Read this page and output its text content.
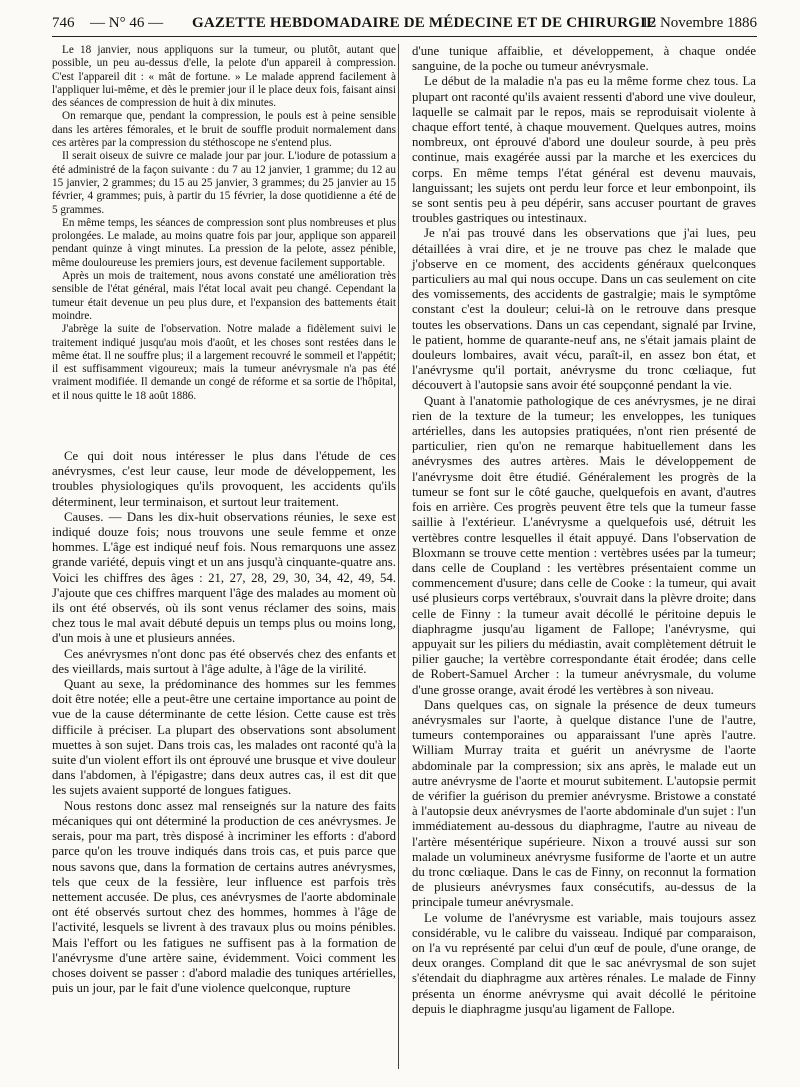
746 — N° 46 — GAZETTE HEBDOMADAIRE DE MÉDECINE ET DE CHIRURGIE
12 Novembre 1886

Le 18 janvier, nous appliquons sur la tumeur, ou plutôt, autant que possible, un peu au-dessus d'elle, la pelote d'un appareil à compression. C'est l'appareil dit : « mât de fortune. » Le malade apprend facilement à l'appliquer lui-même, et dès le premier jour il le place deux fois, faisant ainsi des séances de compression de huit à dix minutes.

On remarque que, pendant la compression, le pouls est à peine sensible dans les artères fémorales, et le bruit de souffle produit normalement dans ces artères par la compression du stéthoscope ne s'entend plus.

Il serait oiseux de suivre ce malade jour par jour. L'iodure de potassium a été administré de la façon suivante : du 7 au 12 janvier, 1 gramme; du 12 au 15 janvier, 2 grammes; du 15 au 25 janvier, 3 grammes; du 25 janvier au 15 février, 4 grammes; puis, à partir du 15 février, la dose quotidienne a été de 5 grammes.

En même temps, les séances de compression sont plus nombreuses et plus prolongées. Le malade, au moins quatre fois par jour, applique son appareil pendant quinze à vingt minutes. La pression de la pelote, assez pénible, même douloureuse les premiers jours, est devenue facilement supportable.

Après un mois de traitement, nous avons constaté une amélioration très sensible de l'état général, mais l'état local avait peu changé. Cependant la tumeur était devenue un peu plus dure, et l'expansion des battements était moindre.

J'abrège la suite de l'observation. Notre malade a fidèlement suivi le traitement indiqué jusqu'au mois d'août, et les choses sont restées dans le même état. Il ne souffre plus; il a largement recouvré le sommeil et l'appétit; il est suffisamment vigoureux; mais la tumeur anévrysmale n'a pas été vraiment modifiée. Il demande un congé de réforme et sa sortie de l'hôpital, et il nous quitte le 18 août 1886.

Ce qui doit nous intéresser le plus dans l'étude de ces anévrysmes, c'est leur cause, leur mode de développement, les troubles physiologiques qu'ils provoquent, les accidents qu'ils déterminent, leur terminaison, et surtout leur traitement.

Causes. — Dans les dix-huit observations réunies, le sexe est indiqué douze fois; nous trouvons une seule femme et onze hommes. L'âge est indiqué neuf fois. Nous remarquons une assez grande variété, depuis vingt et un ans jusqu'à cinquante-quatre ans. Voici les chiffres des âges : 21, 27, 28, 29, 30, 34, 42, 49, 54. J'ajoute que ces chiffres marquent l'âge des malades au moment où ils ont été observés, où ils sont venus réclamer des soins, mais chez tous le mal avait débuté depuis un temps plus ou moins long, d'un mois à une et plusieurs années.

Ces anévrysmes n'ont donc pas été observés chez des enfants et des vieillards, mais surtout à l'âge adulte, à l'âge de la virilité.

Quant au sexe, la prédominance des hommes sur les femmes doit être notée; elle a peut-être une certaine importance au point de vue de la cause déterminante de cette lésion. Cette cause est très difficile à préciser. La plupart des observations sont absolument muettes à son sujet. Dans trois cas, les malades ont raconté qu'à la suite d'un violent effort ils ont éprouvé une brusque et vive douleur dans l'abdomen, à l'épigastre; dans deux autres cas, il est dit que les sujets avaient supporté de longues fatigues.

Nous restons donc assez mal renseignés sur la nature des faits mécaniques qui ont déterminé la production de ces anévrysmes. Je serais, pour ma part, très disposé à incriminer les efforts : d'abord parce qu'on les trouve indiqués dans trois cas, et puis parce que nous savons que, dans la formation de certains autres anévrysmes, tels que ceux de la fessière, leur influence est parfois très nettement accusée. De plus, ces anévrysmes de l'aorte abdominale ont été observés surtout chez des hommes, hommes à l'âge de l'activité, lesquels se livrent à des travaux plus ou moins pénibles. Mais l'effort ou les fatigues ne suffisent pas à la formation de l'anévrysme d'une artère saine, évidemment. Voici comment les choses doivent se passer : d'abord maladie des tuniques artérielles, puis un jour, par le fait d'une violence quelconque, rupture

d'une tunique affaiblie, et développement, à chaque ondée sanguine, de la poche ou tumeur anévrysmale.

Le début de la maladie n'a pas eu la même forme chez tous. La plupart ont raconté qu'ils avaient ressenti d'abord une vive douleur, laquelle se calmait par le repos, mais se reproduisait violente à chaque effort tenté, à chaque mouvement. Quelques autres, moins nombreux, ont éprouvé d'abord une douleur sourde, à peu près continue, mais exagérée aussi par la marche et les exercices du corps. En même temps l'état général est devenu mauvais, languissant; les sujets ont perdu leur force et leur embonpoint, ils se sont sentis peu à peu dépérir, sans accuser pourtant de graves troubles gastriques ou intestinaux.

Je n'ai pas trouvé dans les observations que j'ai lues, peu détaillées à vrai dire, et je ne trouve pas chez le malade que j'observe en ce moment, des accidents généraux quelconques particuliers au mal qui nous occupe. Dans un cas seulement on cite des vomissements, des accidents de gastralgie; mais le symptôme constant c'est la douleur; celui-là on le retrouve dans presque toutes les observations. Dans un cas cependant, signalé par Irvine, le patient, homme de quarante-neuf ans, ne s'était jamais plaint de douleurs lombaires, avait vécu, paraît-il, en assez bon état, et l'anévrysme qu'il portait, anévrysme du tronc cœliaque, fut découvert à l'autopsie sans avoir été soupçonné pendant la vie.

Quant à l'anatomie pathologique de ces anévrysmes, je ne dirai rien de la texture de la tumeur; les enveloppes, les tuniques artérielles, dans les autopsies pratiquées, n'ont rien présenté de particulier, rien qu'on ne remarque habituellement dans les anévrysmes des autres artères. Mais le développement de l'anévrysme doit être étudié. Généralement les progrès de la tumeur se font sur le côté gauche, quelquefois en avant, d'autres fois en arrière. Ces progrès peuvent être tels que la tumeur fasse saillie à l'extérieur. L'anévrysme a quelquefois usé, détruit les vertèbres contre lesquelles il était appuyé. Dans l'observation de Bloxmann se trouve cette mention : vertèbres usées par la tumeur; dans celle de Coupland : les vertèbres présentaient comme un commencement d'usure; dans celle de Cooke : la tumeur, qui avait usé plusieurs corps vertébraux, s'ouvrait dans la plèvre droite; dans celle de Finny : la tumeur avait décollé le péritoine depuis le diaphragme jusqu'au ligament de Fallope; l'anévrysme, qui appuyait sur les piliers du médiastin, avait complètement détruit le pilier gauche; la vertèbre correspondante était érodée; dans celle de Robert-Samuel Archer : la tumeur anévrysmale, du volume d'une grosse orange, avait érodé les vertèbres à son niveau.

Dans quelques cas, on signale la présence de deux tumeurs anévrysmales sur l'aorte, à quelque distance l'une de l'autre, tumeurs contemporaines ou apparaissant l'une après l'autre. William Murray traita et guérit un anévrysme de l'aorte abdominale par la compression; six ans après, le malade eut un autre anévrysme de l'aorte et mourut subitement. L'autopsie permit de vérifier la guérison du premier anévrysme. Bristowe a constaté à l'autopsie deux anévrysmes de l'aorte abdominale d'un sujet : l'un immédiatement au-dessous du diaphragme, l'autre au niveau de l'artère mésentérique supérieure. Nixon a trouvé aussi sur son malade un volumineux anévrysme fusiforme de l'aorte et un autre du tronc cœliaque. Dans le cas de Finny, on reconnut la formation de plusieurs anévrysmes faux consécutifs, au-dessus de la principale tumeur anévrysmale.

Le volume de l'anévrysme est variable, mais toujours assez considérable, vu le calibre du vaisseau. Indiqué par comparaison, on l'a vu représenté par celui d'un œuf de poule, d'une orange, de deux oranges. Compland dit que le sac anévrysmal de son sujet s'étendait du diaphragme aux artères rénales. Le malade de Finny présenta un énorme anévrysme qui avait décollé le péritoine depuis le diaphragme jusqu'au ligament de Fallope.
